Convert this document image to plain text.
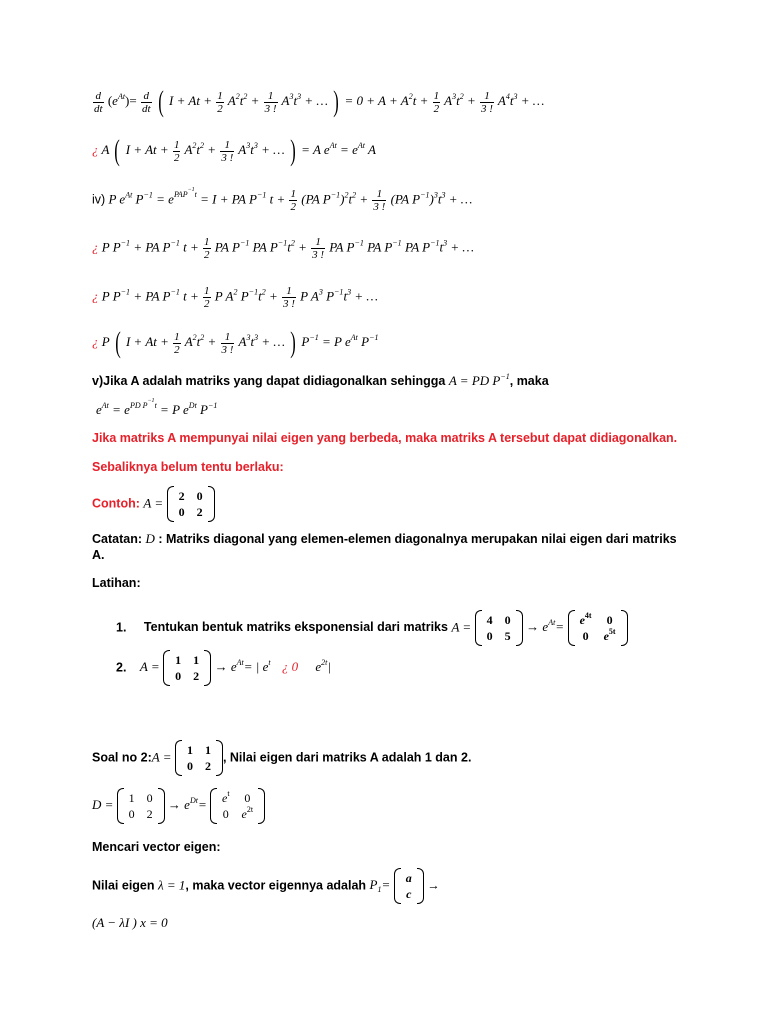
$\frac{d}{dt} (e^{At})= \frac{d}{dt}$ ( $I + At + \frac{1}{2} A^2t^2 + \frac{1}{3 !} A^3t^3$ + … ) = $0 + A + A^2t + \frac{1}{2} A^3t^2 + \frac{1}{3 !} A^4t^3$ + …
¿ A ( $I + At + \frac{1}{2} A^2t^2 + \frac{1}{3 !} A^3t^3$ + … ) = A $e^{At} = e^{At}$ A
iv) P $e^{At}$ $P^{-1} = e^{PAP^{-1}t} = I$ + PA $P^{-1}$ $t + \frac{1}{2} (PA$ $P^{-1})^2t^2 + \frac{1}{3 !} (PA$ $P^{-1})^3t^3$ + …
¿ P $P^{-1}$ + PA $P^{-1}$ $t + \frac{1}{2}$ PA $P^{-1}$ PA $P^{-1}t^2 + \frac{1}{3 !}$ PA $P^{-1}$ PA $P^{-1}$ PA $P^{-1}t^3$ + …
¿ P $P^{-1}$ + PA $P^{-1}$ $t + \frac{1}{2}$ P $A^2$ $P^{-1}t^2 + \frac{1}{3 !}$ P $A^3$ $P^{-1}t^3$ + …
¿ P ( $I + At + \frac{1}{2} A^2t^2 + \frac{1}{3 !} A^3t^3$ + … ) $P^{-1} = P$ $e^{At}$ $P^{-1}$
v)Jika A adalah matriks yang dapat didiagonalkan sehingga A = PD $P^{-1}$, maka
$e^{At} = e^{PD P^{-1}t} = P$ $e^{Dt}$ $P^{-1}$
Jika matriks A mempunyai nilai eigen yang berbeda, maka matriks A tersebut dapat didiagonalkan.
Sebaliknya belum tentu berlaku:
Contoh: A = 2	0
0	2
Catatan: D : Matriks diagonal yang elemen-elemen diagonalnya merupakan nilai eigen dari matriks
A.
Latihan:
1. Tentukan bentuk matriks eksponensial dari matriks A = 4	0
0	5
→ $e^{At}= e^{4t}$	0
0	$e^{5t}$
2. A = 1	1
0	2
→ $e^{At}=$ | $e^t$ ¿ 0 $e^{2t}|$
Soal no 2:A = 1	1
0	2
, Nilai eigen dari matriks A adalah 1 dan 2.
D = 1	0
0	2
→ $e^{Dt}= e^t$	0
0	$e^{2t}$
Mencari vector eigen:
Nilai eigen λ = 1, maka vector eigennya adalah $P_1= a$
c
→
(A − λI ) x = 0
